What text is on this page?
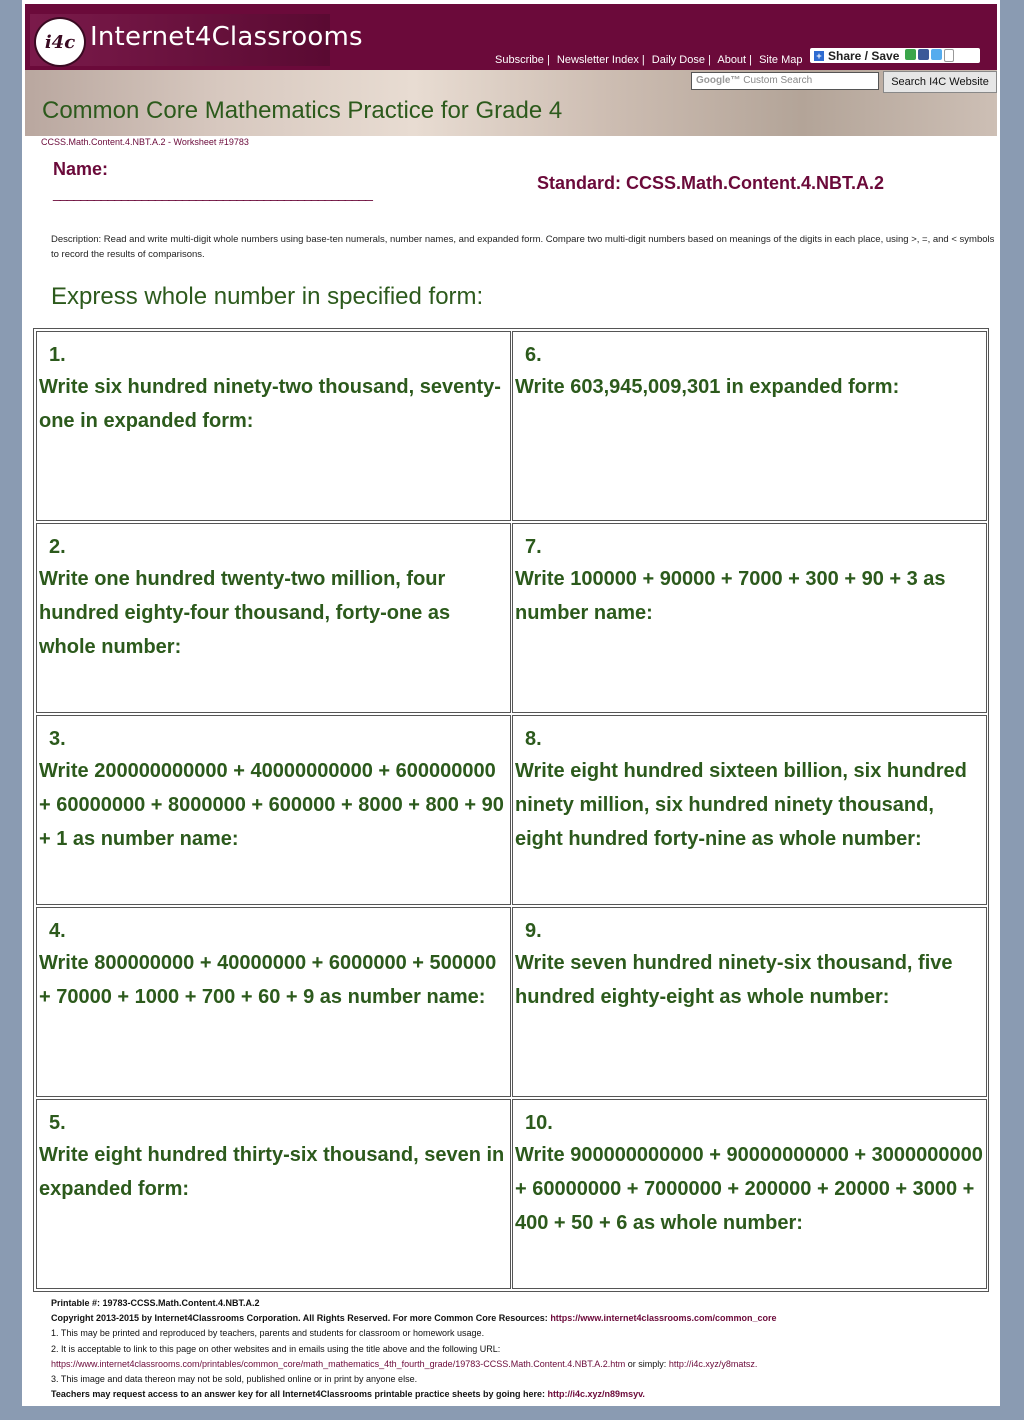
i4c Internet4Classrooms
Subscribe | Newsletter Index | Daily Dose | About | Site Map	+ Share / Save
Google™ Custom Search	Search I4C Website
Common Core Mathematics Practice for Grade 4
CCSS.Math.Content.4.NBT.A.2 - Worksheet #19783
Name:
_______________________________________________	Standard: CCSS.Math.Content.4.NBT.A.2
Description: Read and write multi-digit whole numbers using base-ten numerals, number names, and expanded form. Compare two multi-digit numbers based on meanings of the digits in each place, using >, =, and < symbols to record the results of comparisons.
Express whole number in specified form:
1.
Write six hundred ninety-two thousand, seventy-one in expanded form:
2.
Write one hundred twenty-two million, four hundred eighty-four thousand, forty-one as whole number:
3.
Write 200000000000 + 40000000000 + 600000000 + 60000000 + 8000000 + 600000 + 8000 + 800 + 90 + 1 as number name:
4.
Write 800000000 + 40000000 + 6000000 + 500000 + 70000 + 1000 + 700 + 60 + 9 as number name:
5.
Write eight hundred thirty-six thousand, seven in expanded form:
6.
Write 603,945,009,301 in expanded form:
7.
Write 100000 + 90000 + 7000 + 300 + 90 + 3 as number name:
8.
Write eight hundred sixteen billion, six hundred ninety million, six hundred ninety thousand, eight hundred forty-nine as whole number:
9.
Write seven hundred ninety-six thousand, five hundred eighty-eight as whole number:
10.
Write 900000000000 + 90000000000 + 3000000000 + 60000000 + 7000000 + 200000 + 20000 + 3000 + 400 + 50 + 6 as whole number:
Printable #: 19783-CCSS.Math.Content.4.NBT.A.2
Copyright 2013-2015 by Internet4Classrooms Corporation. All Rights Reserved. For more Common Core Resources: https://www.internet4classrooms.com/common_core
1. This may be printed and reproduced by teachers, parents and students for classroom or homework usage.
2. It is acceptable to link to this page on other websites and in emails using the title above and the following URL:
https://www.internet4classrooms.com/printables/common_core/math_mathematics_4th_fourth_grade/19783-CCSS.Math.Content.4.NBT.A.2.htm or simply: http://i4c.xyz/y8matsz.
3. This image and data thereon may not be sold, published online or in print by anyone else.
Teachers may request access to an answer key for all Internet4Classrooms printable practice sheets by going here: http://i4c.xyz/n89msyv.
